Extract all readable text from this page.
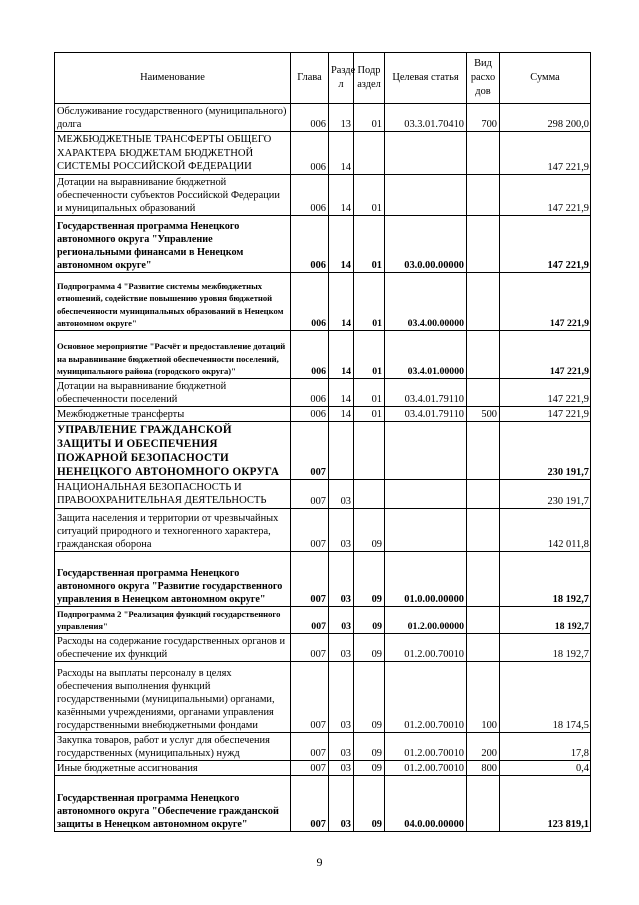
Наименование	Глава	Разде л	Подр аздел	Целевая статья	Вид расхо дов	Сумма
Обслуживание государственного (муниципального) долга	006	13	01	03.3.01.70410	700	298 200,0
МЕЖБЮДЖЕТНЫЕ ТРАНСФЕРТЫ ОБЩЕГО ХАРАКТЕРА БЮДЖЕТАМ БЮДЖЕТНОЙ СИСТЕМЫ РОССИЙСКОЙ ФЕДЕРАЦИИ	006	14				147 221,9
Дотации на выравнивание бюджетной обеспеченности субъектов Российской Федерации и муниципальных образований	006	14	01			147 221,9
Государственная программа Ненецкого автономного округа "Управление региональными финансами в Ненецком автономном округе"	006	14	01	03.0.00.00000		147 221,9
Подпрограмма 4 "Развитие системы межбюджетных отношений, содействие повышению уровня бюджетной обеспеченности муниципальных образований в Ненецком автономном округе"	006	14	01	03.4.00.00000		147 221,9
Основное мероприятие "Расчёт и предоставление дотаций на выравнивание бюджетной обеспеченности поселений, муниципального района (городского округа)"	006	14	01	03.4.01.00000		147 221,9
Дотации на выравнивание бюджетной обеспеченности поселений	006	14	01	03.4.01.79110		147 221,9
Межбюджетные трансферты	006	14	01	03.4.01.79110	500	147 221,9
УПРАВЛЕНИЕ ГРАЖДАНСКОЙ ЗАЩИТЫ И ОБЕСПЕЧЕНИЯ ПОЖАРНОЙ БЕЗОПАСНОСТИ НЕНЕЦКОГО АВТОНОМНОГО ОКРУГА	007					230 191,7
НАЦИОНАЛЬНАЯ БЕЗОПАСНОСТЬ И ПРАВООХРАНИТЕЛЬНАЯ ДЕЯТЕЛЬНОСТЬ	007	03				230 191,7
Защита населения и территории от чрезвычайных ситуаций природного и техногенного характера, гражданская оборона	007	03	09			142 011,8
Государственная программа Ненецкого автономного округа "Развитие государственного управления в Ненецком автономном округе"	007	03	09	01.0.00.00000		18 192,7
Подпрограмма 2 "Реализация функций государственного управления"	007	03	09	01.2.00.00000		18 192,7
Расходы на содержание государственных органов и обеспечение их функций	007	03	09	01.2.00.70010		18 192,7
Расходы на выплаты персоналу в целях обеспечения выполнения функций государственными (муниципальными) органами, казёнными учреждениями, органами управления государственными внебюджетными фондами	007	03	09	01.2.00.70010	100	18 174,5
Закупка товаров, работ и услуг для обеспечения государственных (муниципальных) нужд	007	03	09	01.2.00.70010	200	17,8
Иные бюджетные ассигнования	007	03	09	01.2.00.70010	800	0,4
Государственная программа Ненецкого автономного округа "Обеспечение гражданской защиты в Ненецком автономном округе"	007	03	09	04.0.00.00000		123 819,1
9
